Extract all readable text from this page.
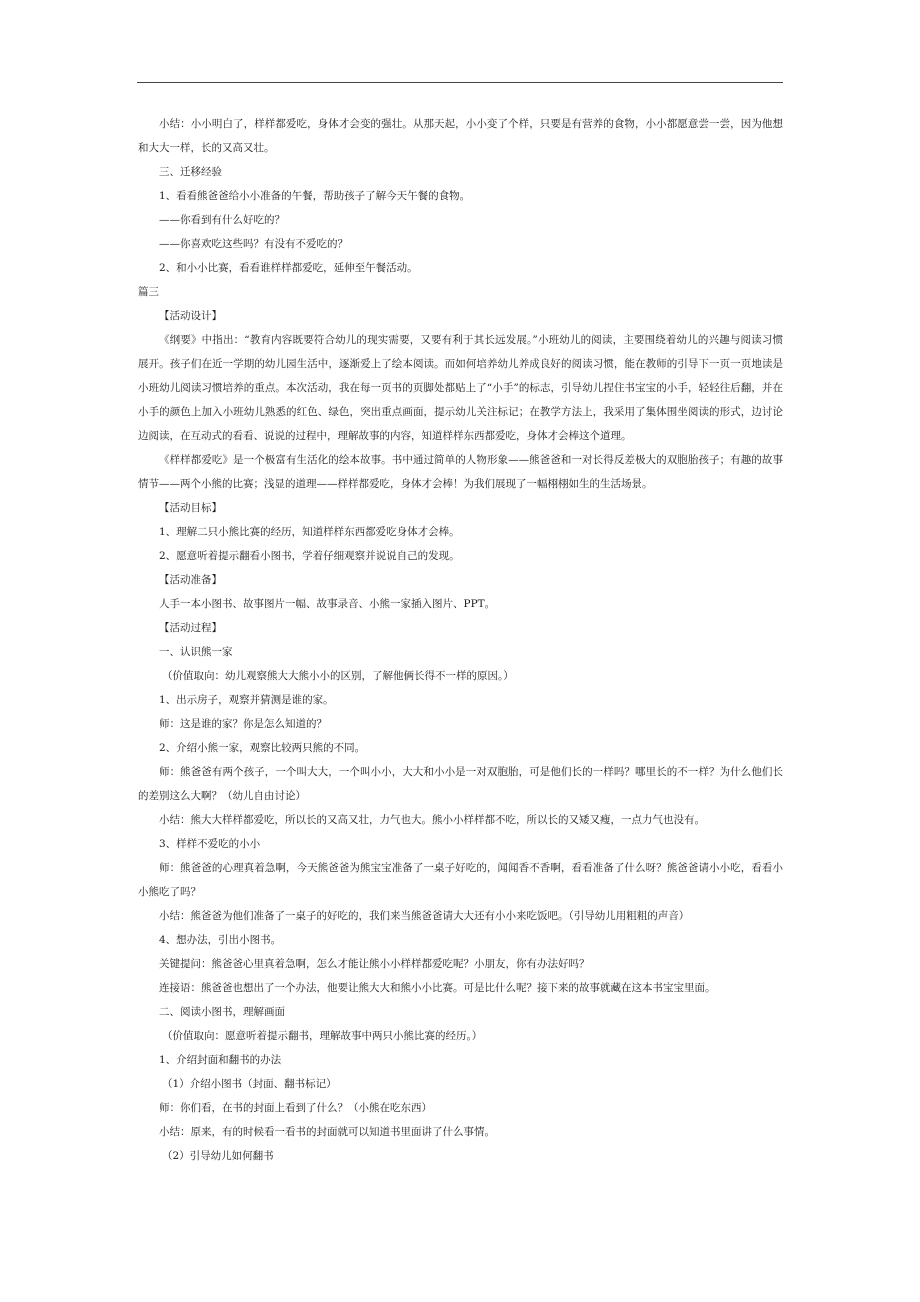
小结：小小明白了，样样都爱吃，身体才会变的强壮。从那天起，小小变了个样，只要是有营养的食物，小小都愿意尝一尝，因为他想和大大一样，长的又高又壮。

三、迁移经验

1、看看熊爸爸给小小准备的午餐，帮助孩子了解今天午餐的食物。

——你看到有什么好吃的？

——你喜欢吃这些吗？有没有不爱吃的？

2、和小小比赛，看看谁样样都爱吃，延伸至午餐活动。

篇三

【活动设计】

《纲要》中指出：“教育内容既要符合幼儿的现实需要，又要有利于其长远发展。”小班幼儿的阅读，主要围绕着幼儿的兴趣与阅读习惯展开。孩子们在近一学期的幼儿园生活中，逐渐爱上了绘本阅读。而如何培养幼儿养成良好的阅读习惯，能在教师的引导下一页一页地读是小班幼儿阅读习惯培养的重点。本次活动，我在每一页书的页脚处都贴上了“小手”的标志，引导幼儿捏住书宝宝的小手，轻轻往后翻，并在小手的颜色上加入小班幼儿熟悉的红色、绿色，突出重点画面，提示幼儿关注标记；在教学方法上，我采用了集体围坐阅读的形式，边讨论边阅读，在互动式的看看、说说的过程中，理解故事的内容，知道样样东西都爱吃，身体才会棒这个道理。

《样样都爱吃》是一个极富有生活化的绘本故事。书中通过简单的人物形象——熊爸爸和一对长得反差极大的双胞胎孩子；有趣的故事情节——两个小熊的比赛；浅显的道理——样样都爱吃，身体才会棒！为我们展现了一幅栩栩如生的生活场景。

【活动目标】

1、理解二只小熊比赛的经历，知道样样东西都爱吃身体才会棒。

2、愿意听着提示翻看小图书，学着仔细观察并说说自己的发现。

【活动准备】

人手一本小图书、故事图片一幅、故事录音、小熊一家插入图片、PPT。

【活动过程】

一、认识熊一家

（价值取向：幼儿观察熊大大熊小小的区别，了解他俩长得不一样的原因。）

1、出示房子，观察并猜测是谁的家。

师：这是谁的家？你是怎么知道的？

2、介绍小熊一家，观察比较两只熊的不同。

师：熊爸爸有两个孩子，一个叫大大，一个叫小小，大大和小小是一对双胞胎，可是他们长的一样吗？哪里长的不一样？为什么他们长的差别这么大啊？（幼儿自由讨论）

小结：熊大大样样都爱吃，所以长的又高又壮，力气也大。熊小小样样都不吃，所以长的又矮又瘦，一点力气也没有。

3、样样不爱吃的小小

师：熊爸爸的心理真着急啊，今天熊爸爸为熊宝宝准备了一桌子好吃的，闻闻香不香啊，看看准备了什么呀？熊爸爸请小小吃，看看小小熊吃了吗？

小结：熊爸爸为他们准备了一桌子的好吃的，我们来当熊爸爸请大大还有小小来吃饭吧。（引导幼儿用粗粗的声音）

4、想办法，引出小图书。

关键提问：熊爸爸心里真着急啊，怎么才能让熊小小样样都爱吃呢？小朋友，你有办法好吗？

连接语：熊爸爸也想出了一个办法，他要让熊大大和熊小小比赛。可是比什么呢？接下来的故事就藏在这本书宝宝里面。

二、阅读小图书，理解画面

（价值取向：愿意听着提示翻书，理解故事中两只小熊比赛的经历。）

1、介绍封面和翻书的办法

（1）介绍小图书（封面、翻书标记）

师：你们看，在书的封面上看到了什么？（小熊在吃东西）

小结：原来，有的时候看一看书的封面就可以知道书里面讲了什么事情。

（2）引导幼儿如何翻书
